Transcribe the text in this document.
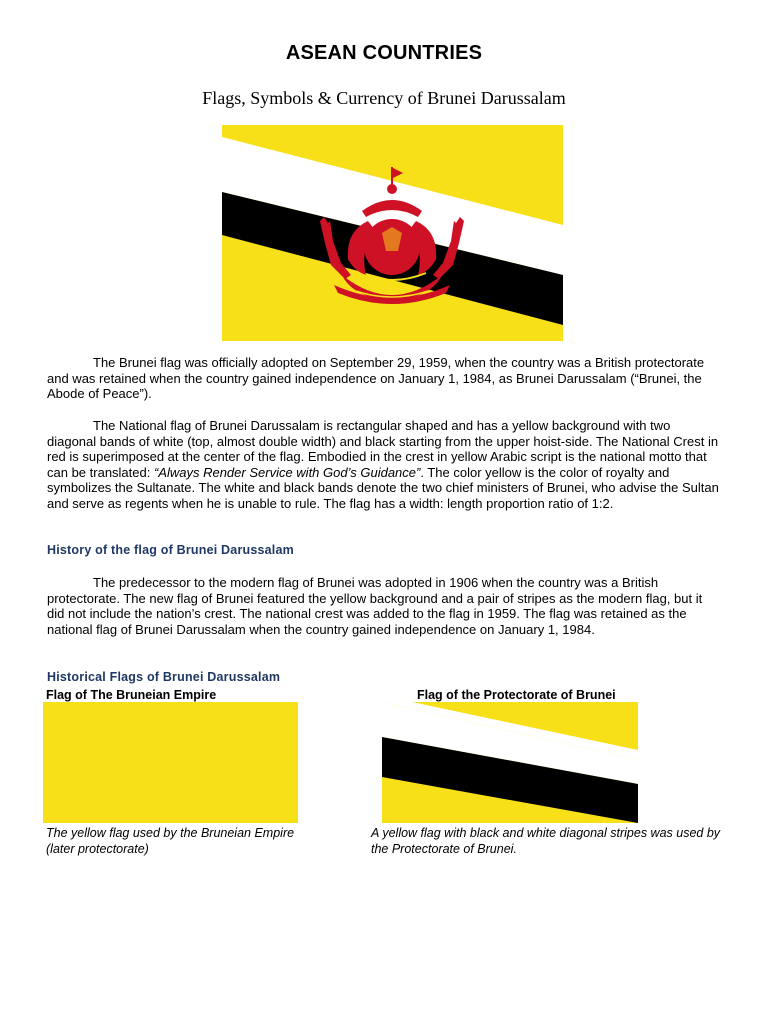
ASEAN COUNTRIES
Flags, Symbols & Currency of Brunei Darussalam

The Brunei flag was officially adopted on September 29, 1959, when the country was a British protectorate and was retained when the country gained independence on January 1, 1984, as Brunei Darussalam (“Brunei, the Abode of Peace”).

The National flag of Brunei Darussalam is rectangular shaped and has a yellow background with two diagonal bands of white (top, almost double width) and black starting from the upper hoist-side. The National Crest in red is superimposed at the center of the flag. Embodied in the crest in yellow Arabic script is the national motto that can be translated: “Always Render Service with God’s Guidance”. The color yellow is the color of royalty and symbolizes the Sultanate. The white and black bands denote the two chief ministers of Brunei, who advise the Sultan and serve as regents when he is unable to rule. The flag has a width: length proportion ratio of 1:2.

History of the flag of Brunei Darussalam

The predecessor to the modern flag of Brunei was adopted in 1906 when the country was a British protectorate. The new flag of Brunei featured the yellow background and a pair of stripes as the modern flag, but it did not include the nation’s crest. The national crest was added to the flag in 1959. The flag was retained as the national flag of Brunei Darussalam when the country gained independence on January 1, 1984.

Historical Flags of Brunei Darussalam
Flag of The Bruneian Empire	Flag of the Protectorate of Brunei
The yellow flag used by the Bruneian Empire (later protectorate)
A yellow flag with black and white diagonal stripes was used by the Protectorate of Brunei.
